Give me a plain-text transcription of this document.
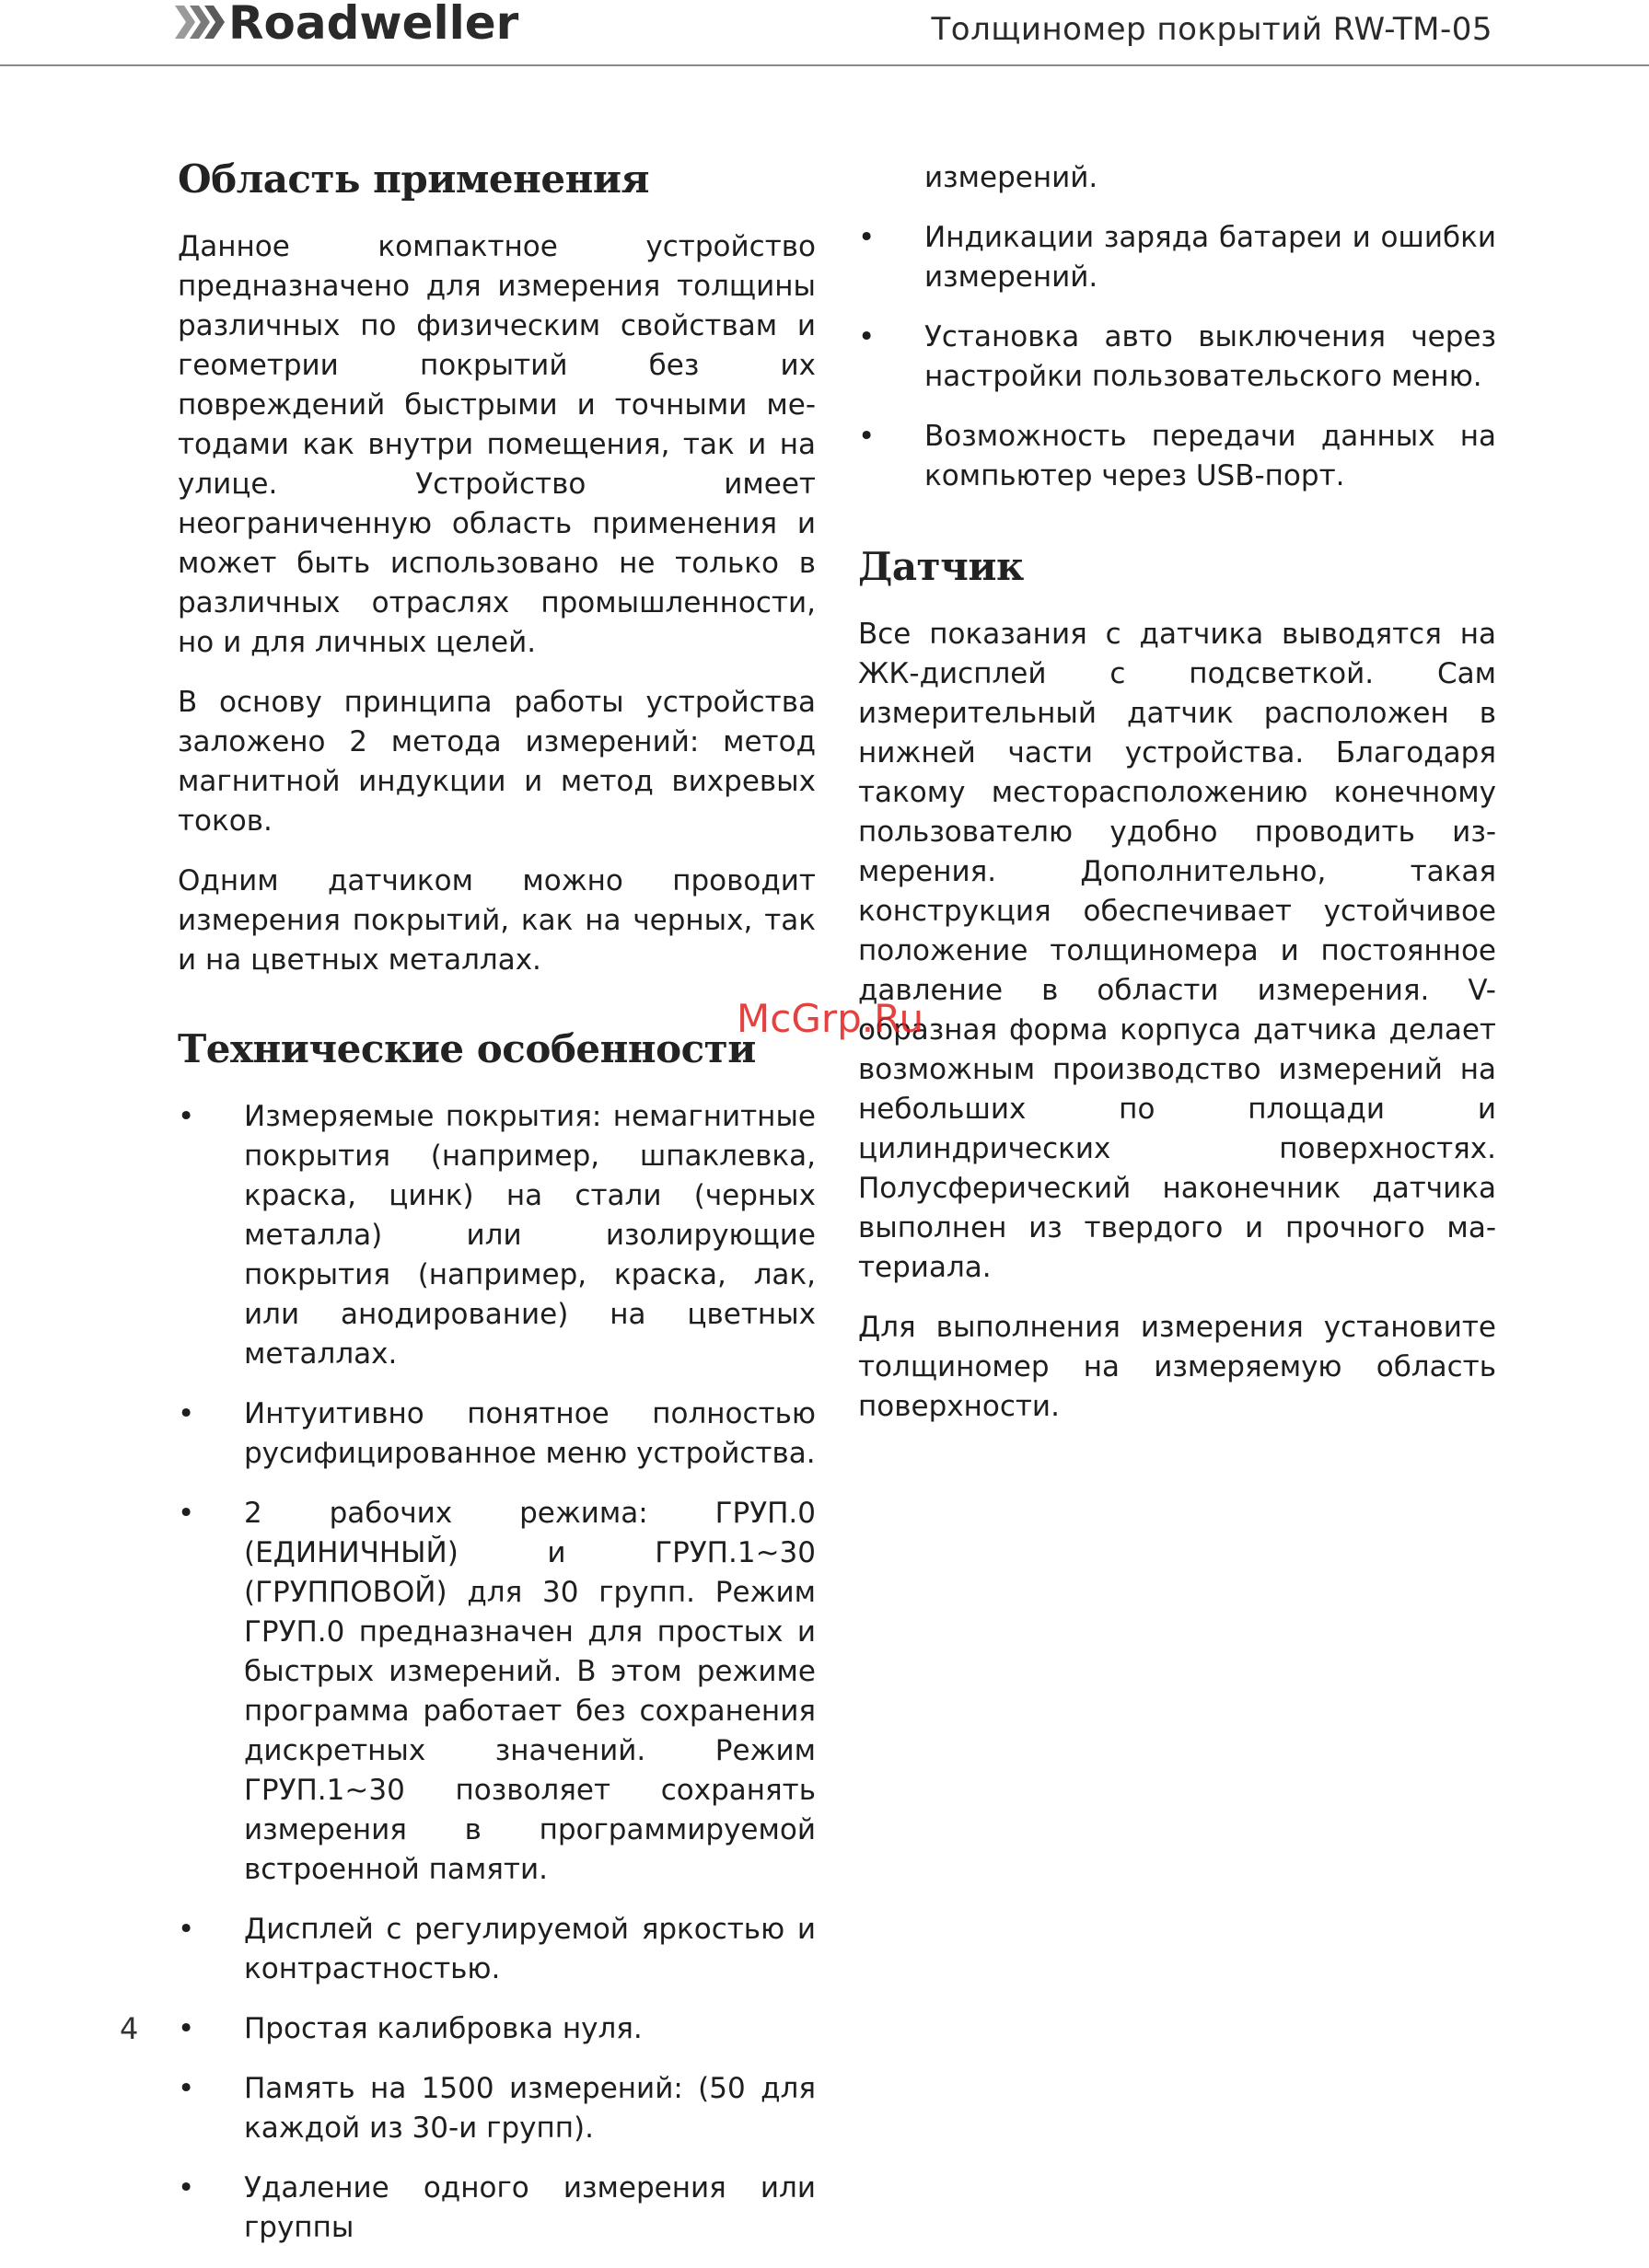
Roadweller	Толщиномер покрытий RW-TM-05
Область применения

Данное компактное устройство предназначено для измерения толщины различных по физическим свойствам и геометрии покрытий без их повреждений быстрыми и точными методами как внутри помещения, так и на улице. Устройство имеет неограниченную область применения и может быть использовано не только в различных отраслях промышленности, но и для личных целей.

В основу принципа работы устройства заложено 2 метода измерений: метод магнитной индукции и метод вихревых токов.

Одним датчиком можно проводит измерения покрытий, как на черных, так и на цветных металлах.

Технические особенности
• Измеряемые покрытия: немагнитные покрытия (например, шпаклевка, краска, цинк) на стали (черных металла) или изолирующие покрытия (например, краска, лак, или анодирование) на цветных металлах.
• Интуитивно понятное полностью русифицированное меню устройства.
• 2 рабочих режима: ГРУП.0 (ЕДИНИЧНЫЙ) и ГРУП.1~30 (ГРУППОВОЙ) для 30 групп. Режим ГРУП.0 предназначен для простых и быстрых измерений. В этом режиме программа работает без сохранения дискретных значений. Режим ГРУП.1~30 позволяет сохранять измерения в программируемой встроенной памяти.
• Дисплей с регулируемой яркостью и контрастностью.
• Простая калибровка нуля.
• Память на 1500 измерений: (50 для каждой из 30-и групп).
• Удаление одного измерения или группы
измерений.
• Индикации заряда батареи и ошибки измерений.
• Установка авто выключения через настройки пользовательского меню.
• Возможность передачи данных на компьютер через USB-порт.
Датчик

Все показания с датчика выводятся на ЖК-дисплей с подсветкой. Сам измерительный датчик расположен в нижней части устройства. Благодаря такому месторасположению конечному пользователю удобно проводить измерения. Дополнительно, такая конструкция обеспечивает устойчивое положение толщиномера и постоянное давление в области измерения. V-образная форма корпуса датчика делает возможным производство измерений на небольших по площади и цилиндрических поверхностях. Полусферический наконечник датчика выполнен из твердого и прочного материала.

Для выполнения измерения установите толщиномер на измеряемую область поверхности.

McGrp.Ru
4
